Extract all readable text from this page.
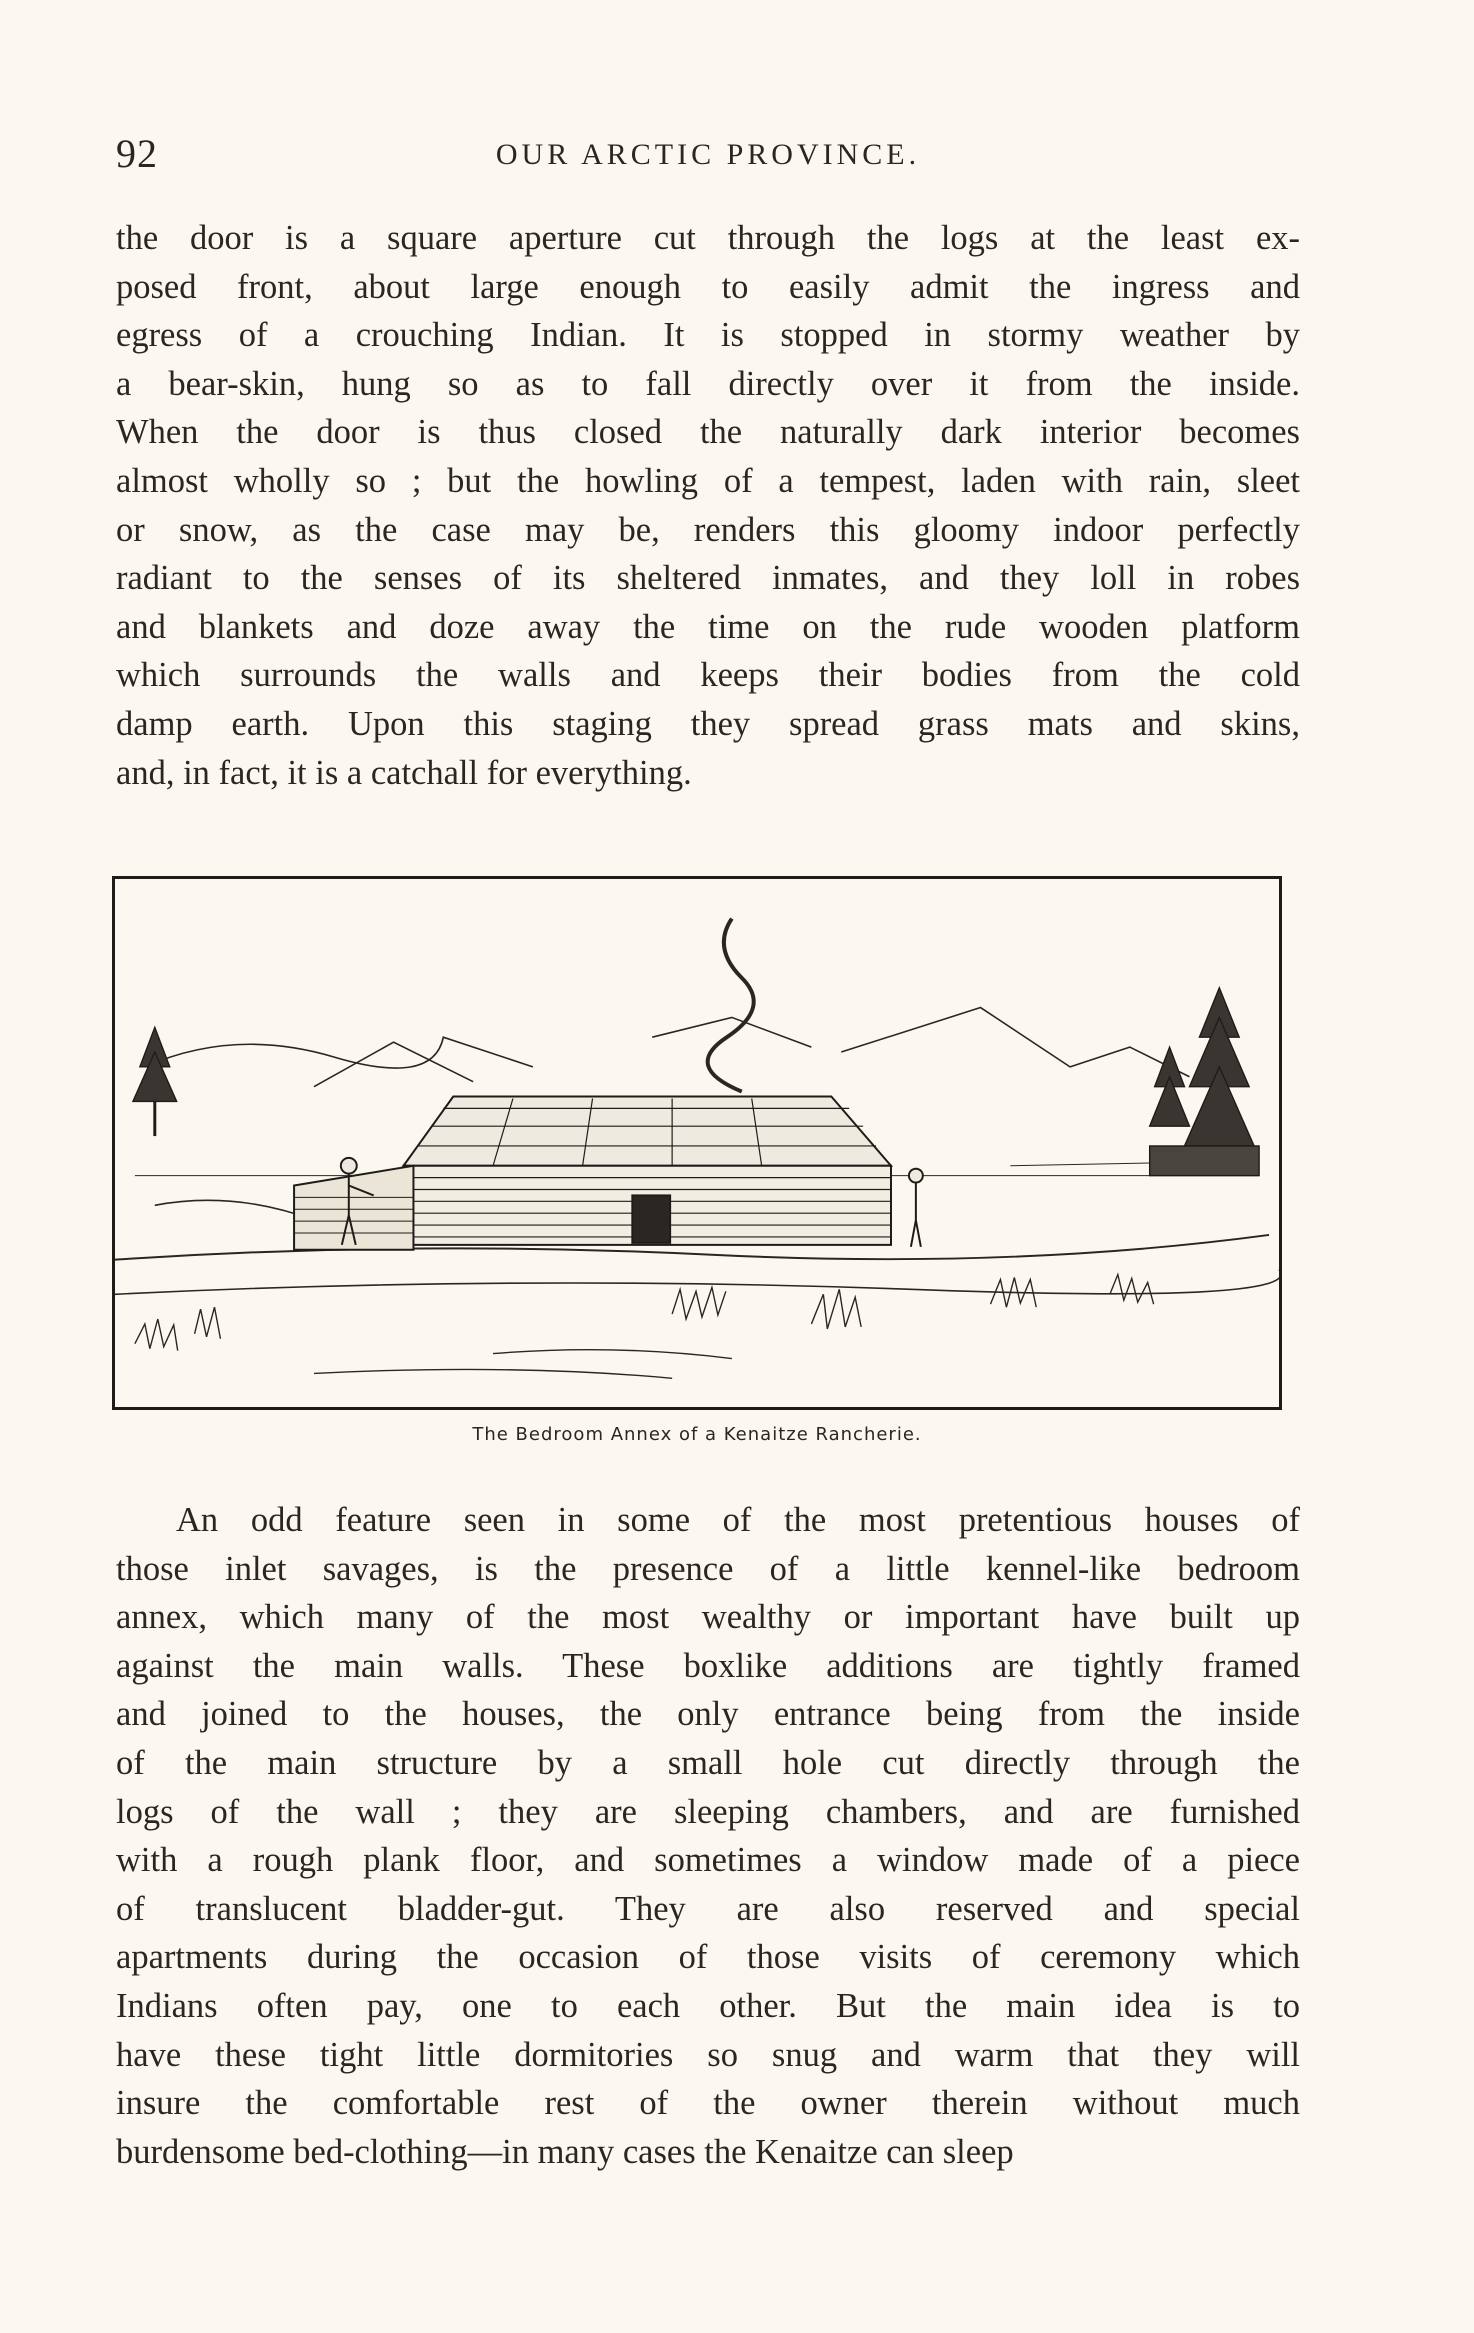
92	OUR ARCTIC PROVINCE.

the door is a square aperture cut through the logs at the least ex-
posed front, about large enough to easily admit the ingress and
egress of a crouching Indian. It is stopped in stormy weather by
a bear-skin, hung so as to fall directly over it from the inside.
When the door is thus closed the naturally dark interior becomes
almost wholly so ; but the howling of a tempest, laden with rain, sleet
or snow, as the case may be, renders this gloomy indoor perfectly
radiant to the senses of its sheltered inmates, and they loll in robes
and blankets and doze away the time on the rude wooden platform
which surrounds the walls and keeps their bodies from the cold
damp earth. Upon this staging they spread grass mats and skins,
and, in fact, it is a catchall for everything.

The Bedroom Annex of a Kenaitze Rancherie.

An odd feature seen in some of the most pretentious houses of
those inlet savages, is the presence of a little kennel-like bedroom
annex, which many of the most wealthy or important have built up
against the main walls. These boxlike additions are tightly framed
and joined to the houses, the only entrance being from the inside
of the main structure by a small hole cut directly through the
logs of the wall ; they are sleeping chambers, and are furnished
with a rough plank floor, and sometimes a window made of a piece
of translucent bladder-gut. They are also reserved and special
apartments during the occasion of those visits of ceremony which
Indians often pay, one to each other. But the main idea is to
have these tight little dormitories so snug and warm that they will
insure the comfortable rest of the owner therein without much
burdensome bed-clothing—in many cases the Kenaitze can sleep
